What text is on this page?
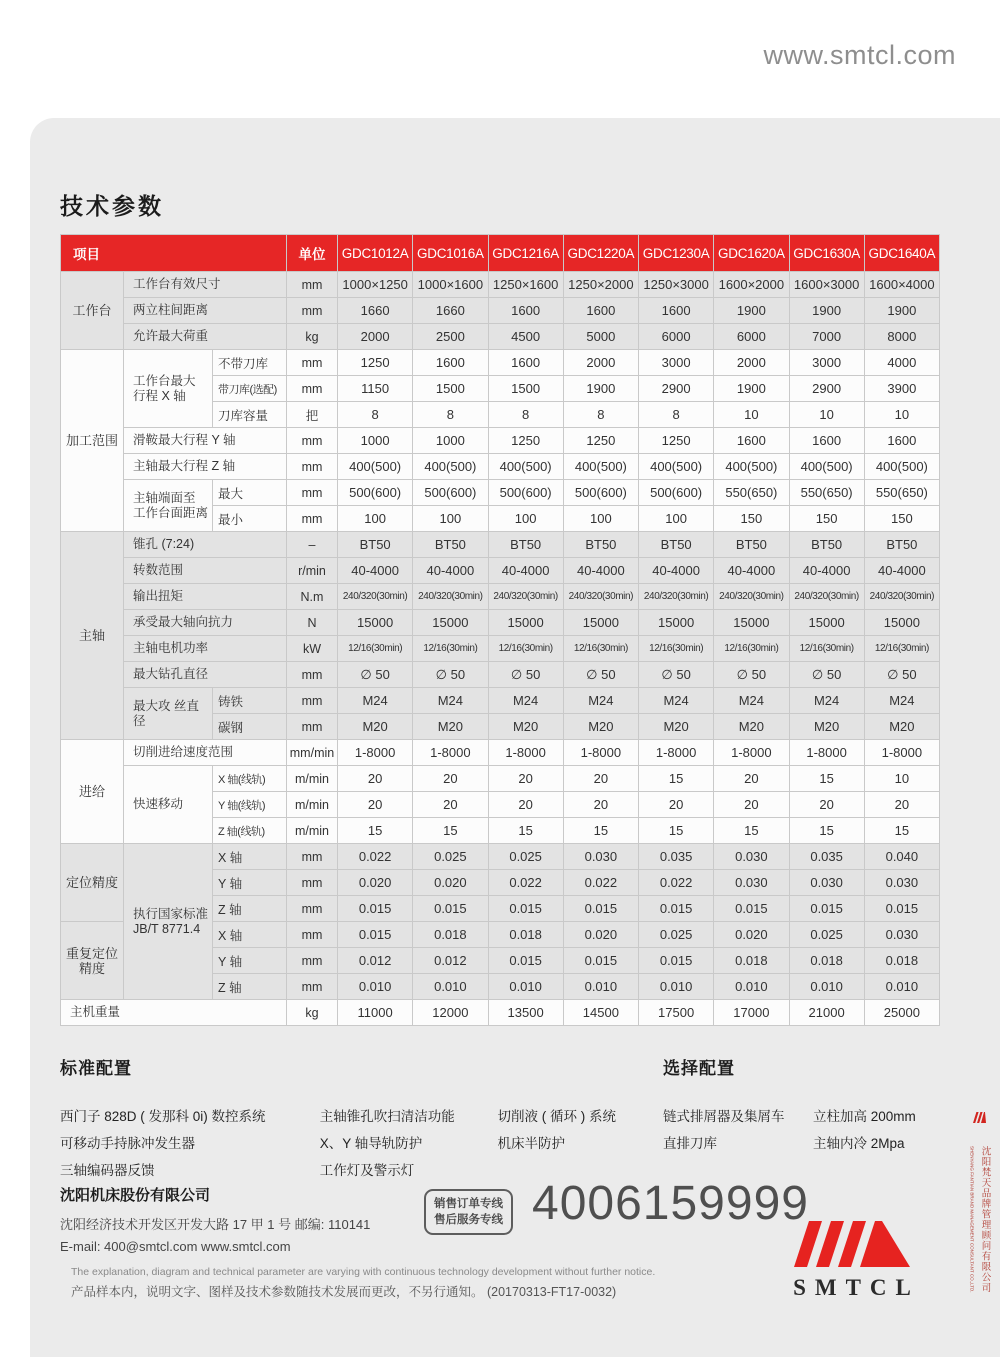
www.smtcl.com
技术参数
项目			单位	GDC1012A	GDC1016A	GDC1216A	GDC1220A	GDC1230A	GDC1620A	GDC1630A	GDC1640A
工作台	工作台有效尺寸		mm	1000×1250	1000×1600	1250×1600	1250×2000	1250×3000	1600×2000	1600×3000	1600×4000
	两立柱间距离		mm	1660	1660	1600	1600	1600	1900	1900	1900
	允许最大荷重		kg	2000	2500	4500	5000	6000	6000	7000	8000
加工范围	工作台最大 行程 X 轴	不带刀库	mm	1250	1600	1600	2000	3000	2000	3000	4000
		带刀库(选配)	mm	1150	1500	1500	1900	2900	1900	2900	3900
		刀库容量	把	8	8	8	8	8	10	10	10
	滑鞍最大行程 Y 轴		mm	1000	1000	1250	1250	1250	1600	1600	1600
	主轴最大行程 Z 轴		mm	400(500)	400(500)	400(500)	400(500)	400(500)	400(500)	400(500)	400(500)
	主轴端面至 工作台面距离	最大	mm	500(600)	500(600)	500(600)	500(600)	500(600)	550(650)	550(650)	550(650)
		最小	mm	100	100	100	100	100	150	150	150
主轴	锥孔 (7:24)		–	BT50	BT50	BT50	BT50	BT50	BT50	BT50	BT50
	转数范围		r/min	40-4000	40-4000	40-4000	40-4000	40-4000	40-4000	40-4000	40-4000
	输出扭矩		N.m	240/320(30min)	240/320(30min)	240/320(30min)	240/320(30min)	240/320(30min)	240/320(30min)	240/320(30min)	240/320(30min)
	承受最大轴向抗力		N	15000	15000	15000	15000	15000	15000	15000	15000
	主轴电机功率		kW	12/16(30min)	12/16(30min)	12/16(30min)	12/16(30min)	12/16(30min)	12/16(30min)	12/16(30min)	12/16(30min)
	最大钻孔直径		mm	∅ 50	∅ 50	∅ 50	∅ 50	∅ 50	∅ 50	∅ 50	∅ 50
	最大攻 丝直径	铸铁	mm	M24	M24	M24	M24	M24	M24	M24	M24
		碳钢	mm	M20	M20	M20	M20	M20	M20	M20	M20
进给	切削进给速度范围		mm/min	1-8000	1-8000	1-8000	1-8000	1-8000	1-8000	1-8000	1-8000
	快速移动	X 轴(线轨)	m/min	20	20	20	20	15	20	15	10
		Y 轴(线轨)	m/min	20	20	20	20	20	20	20	20
		Z 轴(线轨)	m/min	15	15	15	15	15	15	15	15
定位精度	执行国家标准 JB/T 8771.4	X 轴	mm	0.022	0.025	0.025	0.030	0.035	0.030	0.035	0.040
		Y 轴	mm	0.020	0.020	0.022	0.022	0.022	0.030	0.030	0.030
		Z 轴	mm	0.015	0.015	0.015	0.015	0.015	0.015	0.015	0.015
重复定位 精度		X 轴	mm	0.015	0.018	0.018	0.020	0.025	0.020	0.025	0.030
		Y 轴	mm	0.012	0.012	0.015	0.015	0.015	0.018	0.018	0.018
		Z 轴	mm	0.010	0.010	0.010	0.010	0.010	0.010	0.010	0.010
主机重量			kg	11000	12000	13500	14500	17500	17000	21000	25000
标准配置
西门子 828D ( 发那科 0i) 数控系统
可移动手持脉冲发生器
三轴编码器反馈
主轴锥孔吹扫清洁功能
X、Y 轴导轨防护
工作灯及警示灯
切削液 ( 循环 ) 系统
机床半防护
选择配置
链式排屑器及集屑车
直排刀库
立柱加高 200mm
主轴内冷 2Mpa
沈阳机床股份有限公司
沈阳经济技术开发区开发大路 17 甲 1 号 邮编: 110141
E-mail: 400@smtcl.com www.smtcl.com
销售订单专线
售后服务专线 4006159999
SMTCL
The explanation, diagram and technical parameter are varying with continuous technology development without further notice.
产品样本内，说明文字、图样及技术参数随技术发展而更改，不另行通知。 (20170313-FT17-0032)	沈阳梵天品牌管理顾问有限公司 SHENYANG FANTIAN BRAND MANAGEMENT CONSULTANT CO.,LTD.
